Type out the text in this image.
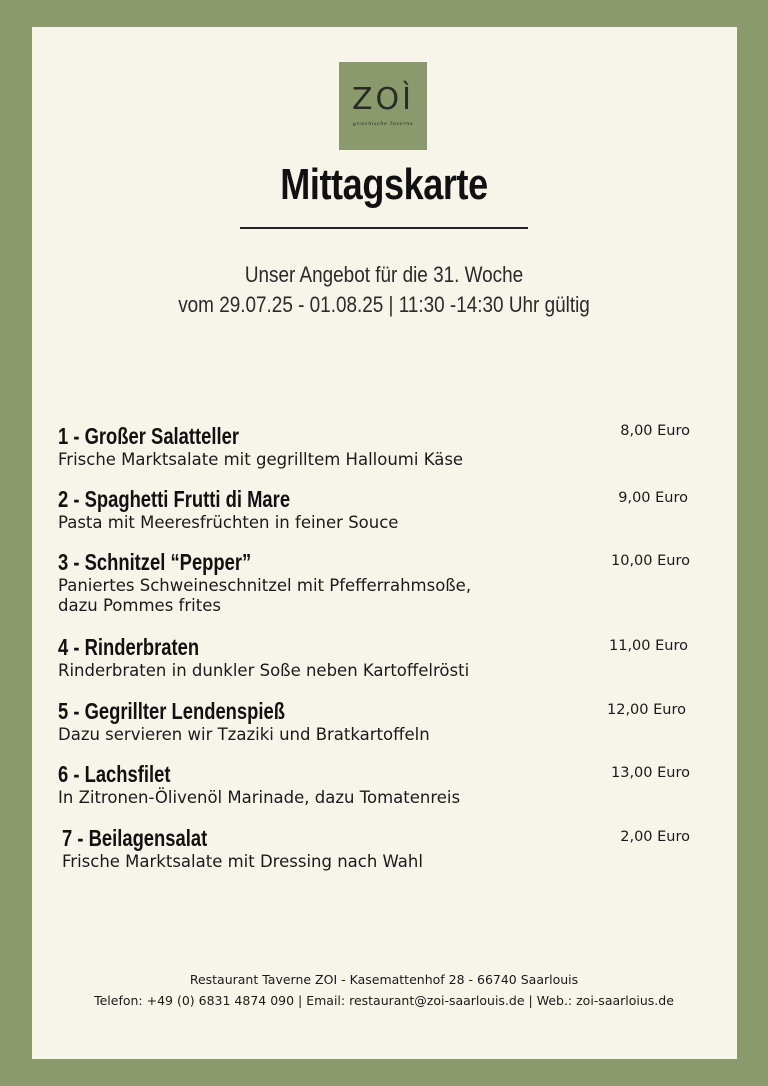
ZOÌ
griechische Taverne
Mittagskarte
Unser Angebot für die 31. Woche
vom 29.07.25 - 01.08.25 | 11:30 -14:30 Uhr gültig
1 - Großer Salatteller
Frische Marktsalate mit gegrilltem Halloumi Käse
8,00 Euro
2 - Spaghetti Frutti di Mare
Pasta mit Meeresfrüchten in feiner Souce
9,00 Euro
3 - Schnitzel “Pepper”
Paniertes Schweineschnitzel mit Pfefferrahmsoße,
dazu Pommes frites
10,00 Euro
4 - Rinderbraten
Rinderbraten in dunkler Soße neben Kartoffelrösti
11,00 Euro
5 - Gegrillter Lendenspieß
Dazu servieren wir Tzaziki und Bratkartoffeln
12,00 Euro
6 - Lachsfilet
In Zitronen-Ölivenöl Marinade, dazu Tomatenreis
13,00 Euro
7 - Beilagensalat
Frische Marktsalate mit Dressing nach Wahl
2,00 Euro
Restaurant Taverne ZOI - Kasemattenhof 28 - 66740 Saarlouis
Telefon: +49 (0) 6831 4874 090 | Email: restaurant@zoi-saarlouis.de | Web.: zoi-saarloius.de
